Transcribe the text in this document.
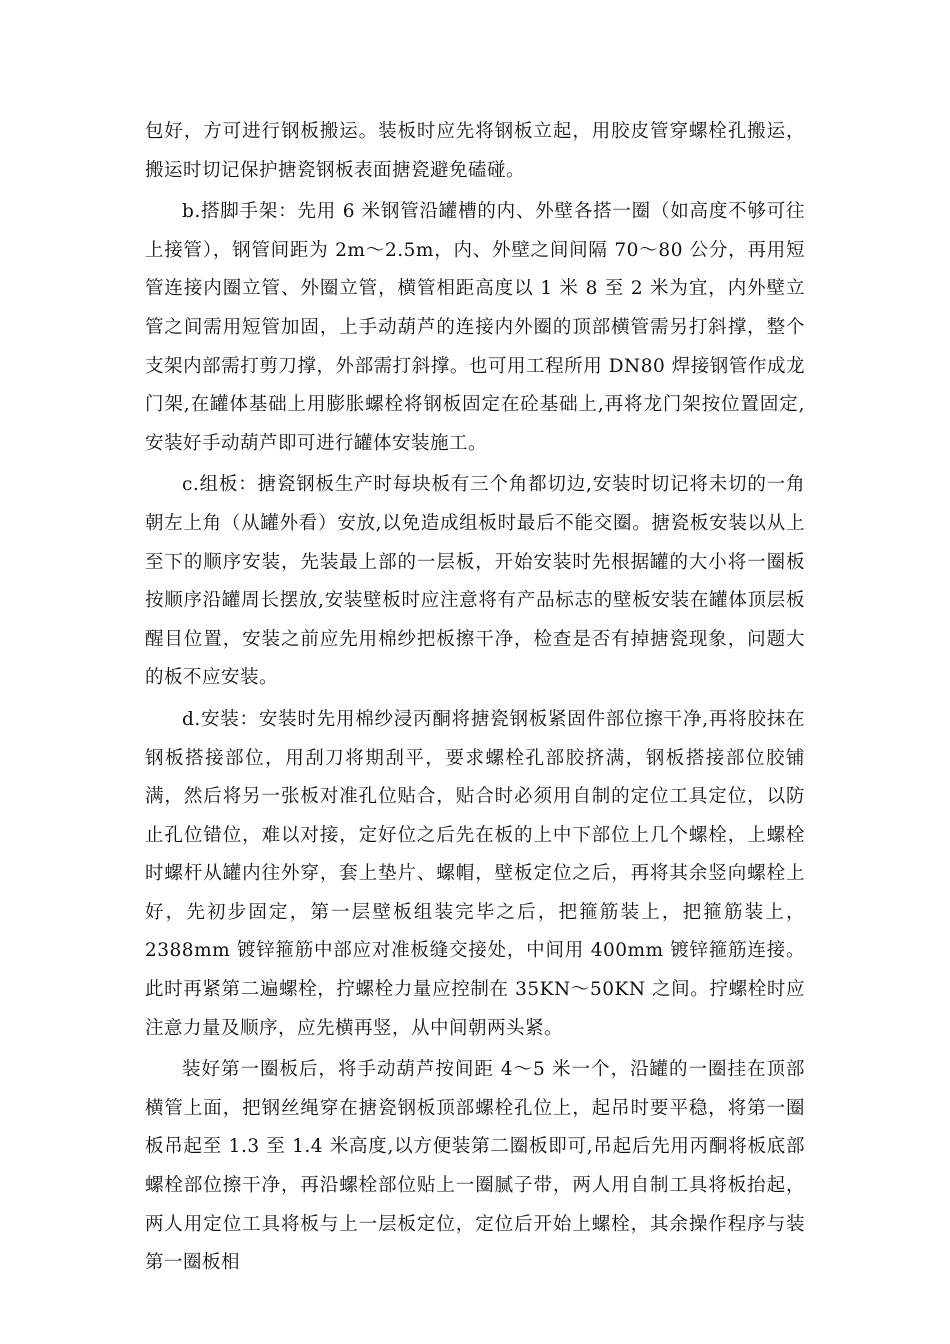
包好，方可进行钢板搬运。装板时应先将钢板立起，用胶皮管穿螺栓孔搬运，搬运时切记保护搪瓷钢板表面搪瓷避免磕碰。

b.搭脚手架：先用 6 米钢管沿罐槽的内、外壁各搭一圈（如高度不够可往上接管），钢管间距为 2m～2.5m，内、外壁之间间隔 70～80 公分，再用短管连接内圈立管、外圈立管，横管相距高度以 1 米 8 至 2 米为宜，内外壁立管之间需用短管加固，上手动葫芦的连接内外圈的顶部横管需另打斜撑，整个支架内部需打剪刀撑，外部需打斜撑。也可用工程所用 DN80 焊接钢管作成龙门架,在罐体基础上用膨胀螺栓将钢板固定在砼基础上,再将龙门架按位置固定,安装好手动葫芦即可进行罐体安装施工。

c.组板：搪瓷钢板生产时每块板有三个角都切边,安装时切记将未切的一角朝左上角（从罐外看）安放,以免造成组板时最后不能交圈。搪瓷板安装以从上至下的顺序安装，先装最上部的一层板，开始安装时先根据罐的大小将一圈板按顺序沿罐周长摆放,安装壁板时应注意将有产品标志的壁板安装在罐体顶层板醒目位置，安装之前应先用棉纱把板擦干净，检查是否有掉搪瓷现象，问题大的板不应安装。

d.安装：安装时先用棉纱浸丙酮将搪瓷钢板紧固件部位擦干净,再将胶抹在钢板搭接部位，用刮刀将期刮平，要求螺栓孔部胶挤满，钢板搭接部位胶铺满，然后将另一张板对准孔位贴合，贴合时必须用自制的定位工具定位，以防止孔位错位，难以对接，定好位之后先在板的上中下部位上几个螺栓，上螺栓时螺杆从罐内往外穿，套上垫片、螺帽，壁板定位之后，再将其余竖向螺栓上好，先初步固定，第一层壁板组装完毕之后，把箍筋装上，把箍筋装上，2388mm 镀锌箍筋中部应对准板缝交接处，中间用 400mm 镀锌箍筋连接。此时再紧第二遍螺栓，拧螺栓力量应控制在 35KN～50KN 之间。拧螺栓时应注意力量及顺序，应先横再竖，从中间朝两头紧。

装好第一圈板后，将手动葫芦按间距 4～5 米一个，沿罐的一圈挂在顶部横管上面，把钢丝绳穿在搪瓷钢板顶部螺栓孔位上，起吊时要平稳，将第一圈板吊起至 1.3 至 1.4 米高度,以方便装第二圈板即可,吊起后先用丙酮将板底部螺栓部位擦干净，再沿螺栓部位贴上一圈腻子带，两人用自制工具将板抬起，两人用定位工具将板与上一层板定位，定位后开始上螺栓，其余操作程序与装第一圈板相
